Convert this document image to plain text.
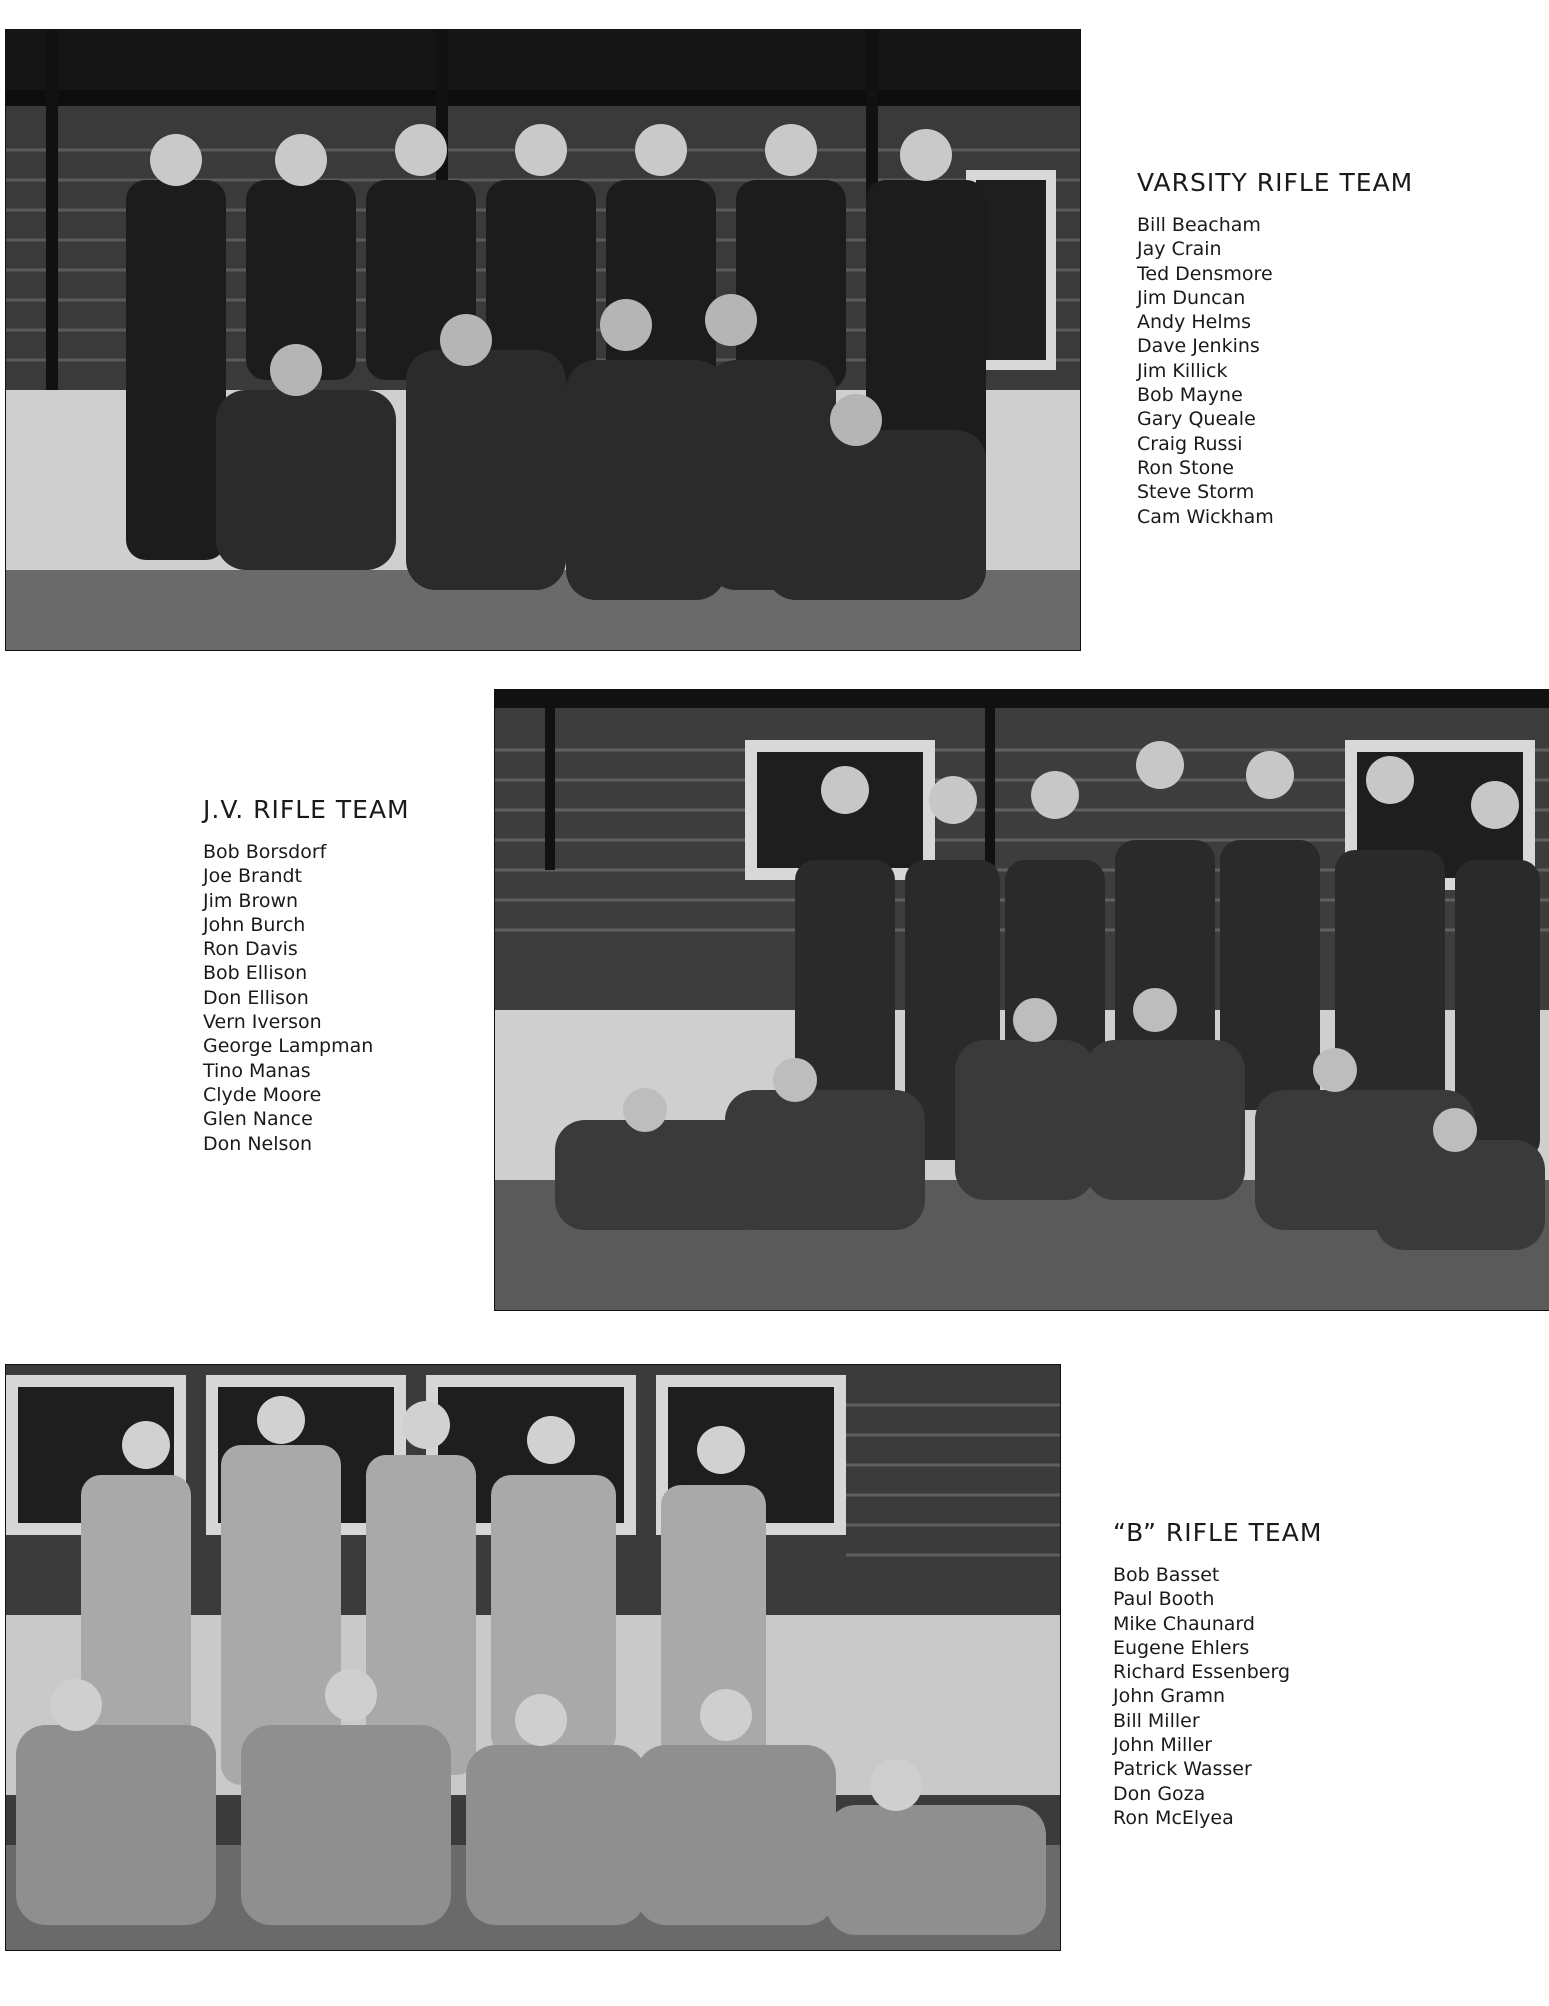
VARSITY RIFLE TEAM
Bill Beacham
Jay Crain
Ted Densmore
Jim Duncan
Andy Helms
Dave Jenkins
Jim Killick
Bob Mayne
Gary Queale
Craig Russi
Ron Stone
Steve Storm
Cam Wickham
J.V. RIFLE TEAM
Bob Borsdorf
Joe Brandt
Jim Brown
John Burch
Ron Davis
Bob Ellison
Don Ellison
Vern Iverson
George Lampman
Tino Manas
Clyde Moore
Glen Nance
Don Nelson
“B” RIFLE TEAM
Bob Basset
Paul Booth
Mike Chaunard
Eugene Ehlers
Richard Essenberg
John Gramn
Bill Miller
John Miller
Patrick Wasser
Don Goza
Ron McElyea
